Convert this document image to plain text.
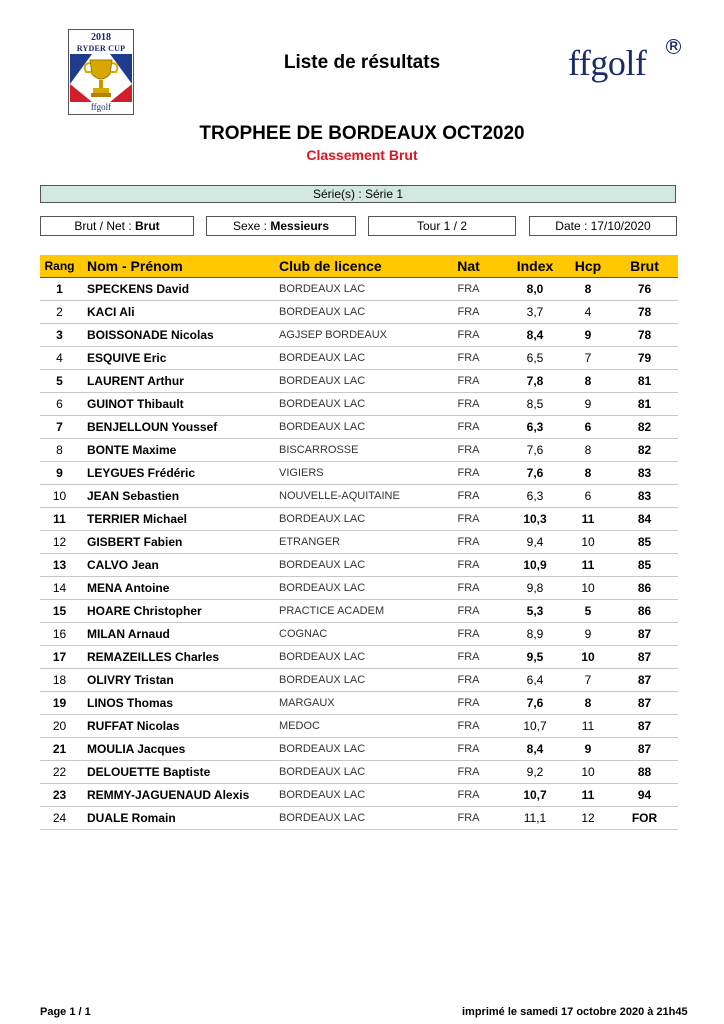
2018
RYDER CUP
ffgolf
Liste de résultats	ffgolf R
TROPHEE DE BORDEAUX OCT2020
Classement Brut
Série(s) : Série 1
Brut / Net : Brut	Sexe : Messieurs	Tour 1 / 2	Date : 17/10/2020
Rang	Nom - Prénom	Club de licence	Nat	Index	Hcp	Brut
1	SPECKENS David	BORDEAUX LAC	FRA	8,0	8	76
2	KACI Ali	BORDEAUX LAC	FRA	3,7	4	78
3	BOISSONADE Nicolas	AGJSEP BORDEAUX	FRA	8,4	9	78
4	ESQUIVE Eric	BORDEAUX LAC	FRA	6,5	7	79
5	LAURENT Arthur	BORDEAUX LAC	FRA	7,8	8	81
6	GUINOT Thibault	BORDEAUX LAC	FRA	8,5	9	81
7	BENJELLOUN Youssef	BORDEAUX LAC	FRA	6,3	6	82
8	BONTE Maxime	BISCARROSSE	FRA	7,6	8	82
9	LEYGUES Frédéric	VIGIERS	FRA	7,6	8	83
10	JEAN Sebastien	NOUVELLE-AQUITAINE	FRA	6,3	6	83
11	TERRIER Michael	BORDEAUX LAC	FRA	10,3	11	84
12	GISBERT Fabien	ETRANGER	FRA	9,4	10	85
13	CALVO Jean	BORDEAUX LAC	FRA	10,9	11	85
14	MENA Antoine	BORDEAUX LAC	FRA	9,8	10	86
15	HOARE Christopher	PRACTICE ACADEM	FRA	5,3	5	86
16	MILAN Arnaud	COGNAC	FRA	8,9	9	87
17	REMAZEILLES Charles	BORDEAUX LAC	FRA	9,5	10	87
18	OLIVRY Tristan	BORDEAUX LAC	FRA	6,4	7	87
19	LINOS Thomas	MARGAUX	FRA	7,6	8	87
20	RUFFAT Nicolas	MEDOC	FRA	10,7	11	87
21	MOULIA Jacques	BORDEAUX LAC	FRA	8,4	9	87
22	DELOUETTE Baptiste	BORDEAUX LAC	FRA	9,2	10	88
23	REMMY-JAGUENAUD Alexis	BORDEAUX LAC	FRA	10,7	11	94
24	DUALE Romain	BORDEAUX LAC	FRA	11,1	12	FOR
Page 1 / 1	imprimé le samedi 17 octobre 2020 à 21h45
